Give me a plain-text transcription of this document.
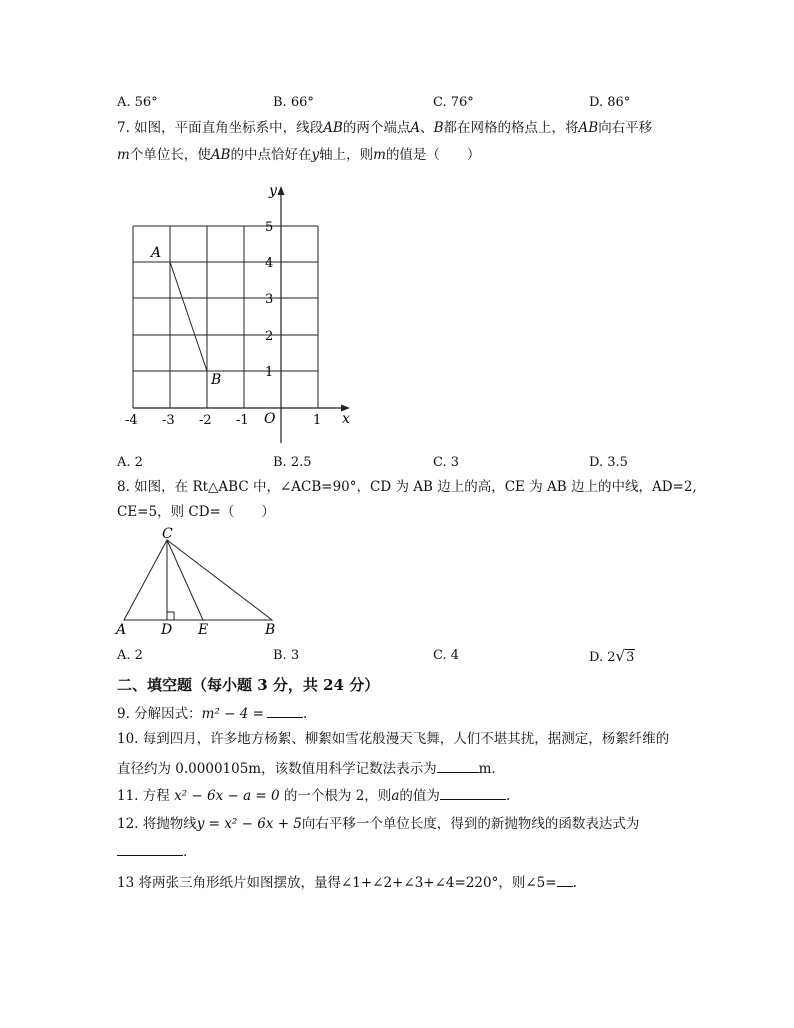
A. 56°	B. 66°	C. 76°	D. 86°
7. 如图，平面直角坐标系中，线段AB的两个端点A、B都在网格的格点上，将AB向右平移
m个单位长，使AB的中点恰好在y轴上，则m的值是（　　）
y
x
O
A
B
5
4
3
2
1
-4 -3 -2 -1	1
A. 2	B. 2.5	C. 3	D. 3.5
8. 如图，在 Rt△ABC 中，∠ACB=90°，CD 为 AB 边上的高，CE 为 AB 边上的中线，AD=2,
CE=5，则 CD=（　　）
C
A D E	B
A. 2	B. 3	C. 4	D. 2√3
二、填空题（每小题 3 分，共 24 分）
9. 分解因式：m² − 4 =	.
10. 每到四月，许多地方杨絮、柳絮如雪花般漫天飞舞，人们不堪其扰，据测定，杨絮纤维的
直径约为 0.0000105m，该数值用科学记数法表示为	m.
11. 方程 x² − 6x − a = 0 的一个根为 2，则a的值为	.
12. 将抛物线y = x² − 6x + 5向右平移一个单位长度，得到的新抛物线的函数表达式为
.
13 将两张三角形纸片如图摆放，量得∠1+∠2+∠3+∠4=220°，则∠5= .
